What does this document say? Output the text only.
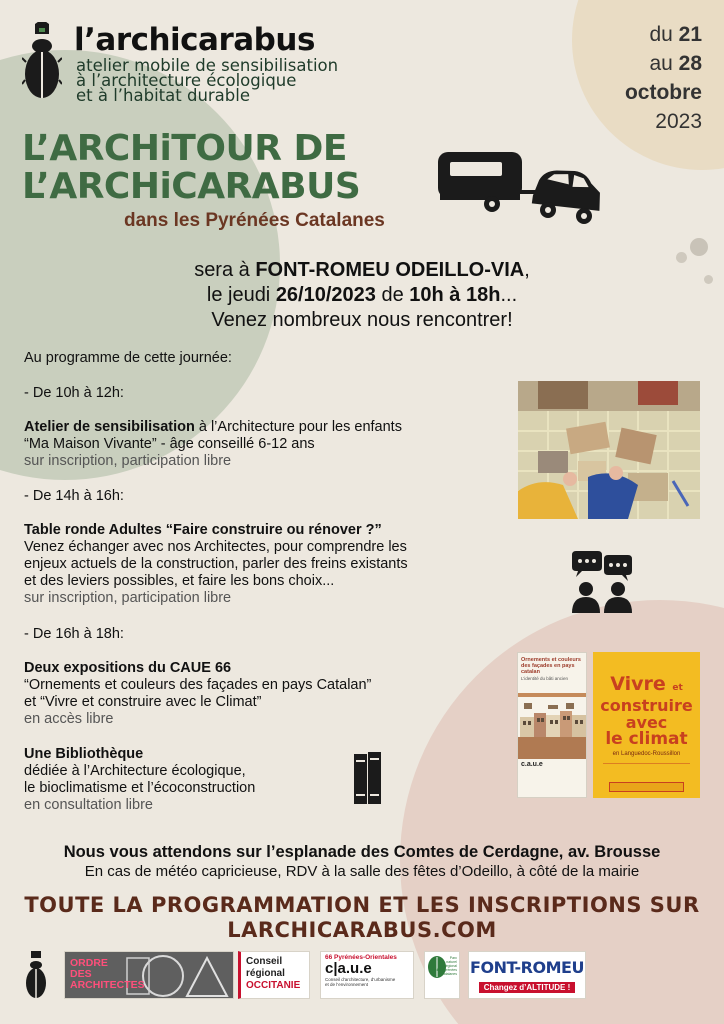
l’archicarabus
atelier mobile de sensibilisation
à l’architecture écologique
et à l’habitat durable
du 21
au 28
octobre
2023
L’ARCHiTOUR DE
L’ARCHiCARABUS
dans les Pyrénées Catalanes
sera à FONT-ROMEU ODEILLO-VIA,
le jeudi 26/10/2023 de 10h à 18h...
Venez nombreux nous rencontrer!
Au programme de cette journée:
- De 10h à 12h:
Atelier de sensibilisation à l’Architecture pour les enfants
“Ma Maison Vivante” - âge conseillé 6-12 ans
sur inscription, participation libre
- De 14h à 16h:
Table ronde Adultes “Faire construire ou rénover ?”
Venez échanger avec nos Architectes, pour comprendre les
enjeux actuels de la construction, parler des freins existants
et des leviers possibles, et faire les bons choix...
sur inscription, participation libre
- De 16h à 18h:
Deux expositions du CAUE 66
“Ornements et couleurs des façades en pays Catalan”
et “Vivre et construire avec le Climat”
en accès libre
Une Bibliothèque
dédiée à l’Architecture écologique,
le bioclimatisme et l’écoconstruction
en consultation libre
Ornements et couleurs
des façades en pays catalan
L’identité du bâti ancien
c.a.u.e
Vivre et
construire
avec
le climat
en Languedoc-Roussillon
Nous vous attendons sur l’esplanade des Comtes de Cerdagne, av. Brousse
En cas de météo capricieuse, RDV à la salle des fêtes d’Odeillo, à côté de la mairie
TOUTE LA PROGRAMMATION ET LES INSCRIPTIONS SUR
LARCHICARABUS.COM
ORDRE
DES
ARCHITECTES
Conseil
régional
OCCITANIE
66 Pyrénées-Orientales
c|a.u.e
Conseil d’architecture, d’urbanisme
et de l’environnement
Parc
naturel
régional
des Pyrénées
catalanes FONT-ROMEU
Changez d’ALTITUDE !
